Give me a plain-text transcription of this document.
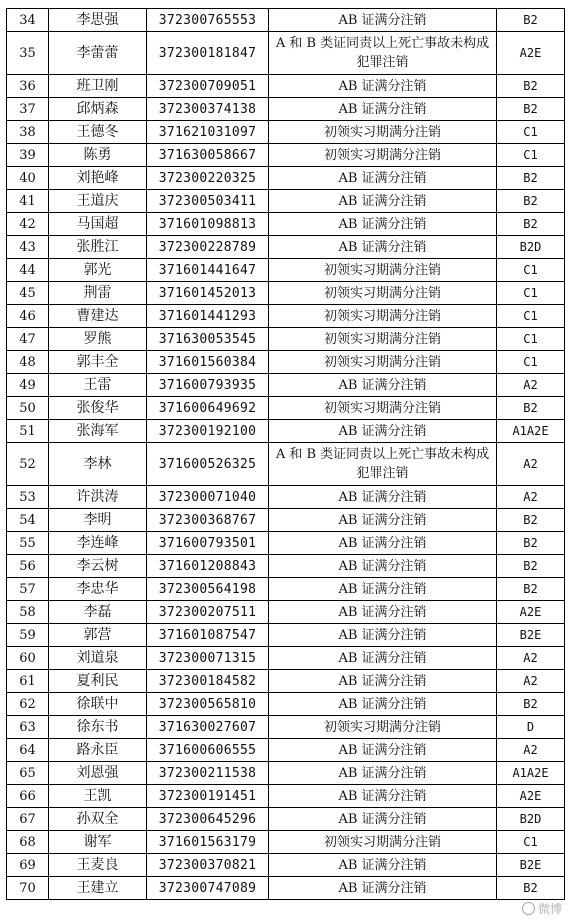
34	李思强	372300765553	AB 证满分注销	B2
35	李蕾蕾	372300181847	A 和 B 类证同责以上死亡事故未构成犯罪注销	A2E
36	班卫刚	372300709051	AB 证满分注销	B2
37	邱炳森	372300374138	AB 证满分注销	B2
38	王德冬	371621031097	初领实习期满分注销	C1
39	陈勇	371630058667	初领实习期满分注销	C1
40	刘艳峰	372300220325	AB 证满分注销	B2
41	王道庆	372300503411	AB 证满分注销	B2
42	马国超	371601098813	AB 证满分注销	B2
43	张胜江	372300228789	AB 证满分注销	B2D
44	郭光	371601441647	初领实习期满分注销	C1
45	荆雷	371601452013	初领实习期满分注销	C1
46	曹建达	371601441293	初领实习期满分注销	C1
47	罗熊	371630053545	初领实习期满分注销	C1
48	郭丰全	371601560384	初领实习期满分注销	C1
49	王雷	371600793935	AB 证满分注销	A2
50	张俊华	371600649692	初领实习期满分注销	B2
51	张海军	372300192100	AB 证满分注销	A1A2E
52	李林	371600526325	A 和 B 类证同责以上死亡事故未构成犯罪注销	A2
53	许洪涛	372300071040	AB 证满分注销	A2
54	李明	372300368767	AB 证满分注销	B2
55	李连峰	371600793501	AB 证满分注销	B2
56	李云树	371601208843	AB 证满分注销	B2
57	李忠华	372300564198	AB 证满分注销	B2
58	李磊	372300207511	AB 证满分注销	A2E
59	郭营	371601087547	AB 证满分注销	B2E
60	刘道泉	372300071315	AB 证满分注销	A2
61	夏利民	372300184582	AB 证满分注销	A2
62	徐联中	372300565810	AB 证满分注销	B2
63	徐东书	371630027607	初领实习期满分注销	D
64	路永臣	371600606555	AB 证满分注销	A2
65	刘恩强	372300211538	AB 证满分注销	A1A2E
66	王凯	372300191451	AB 证满分注销	A2E
67	孙双全	372300645296	AB 证满分注销	B2D
68	谢军	371601563179	初领实习期满分注销	C1
69	王麦良	372300370821	AB 证满分注销	B2E
70	王建立	372300747089	AB 证满分注销	B2
微博
